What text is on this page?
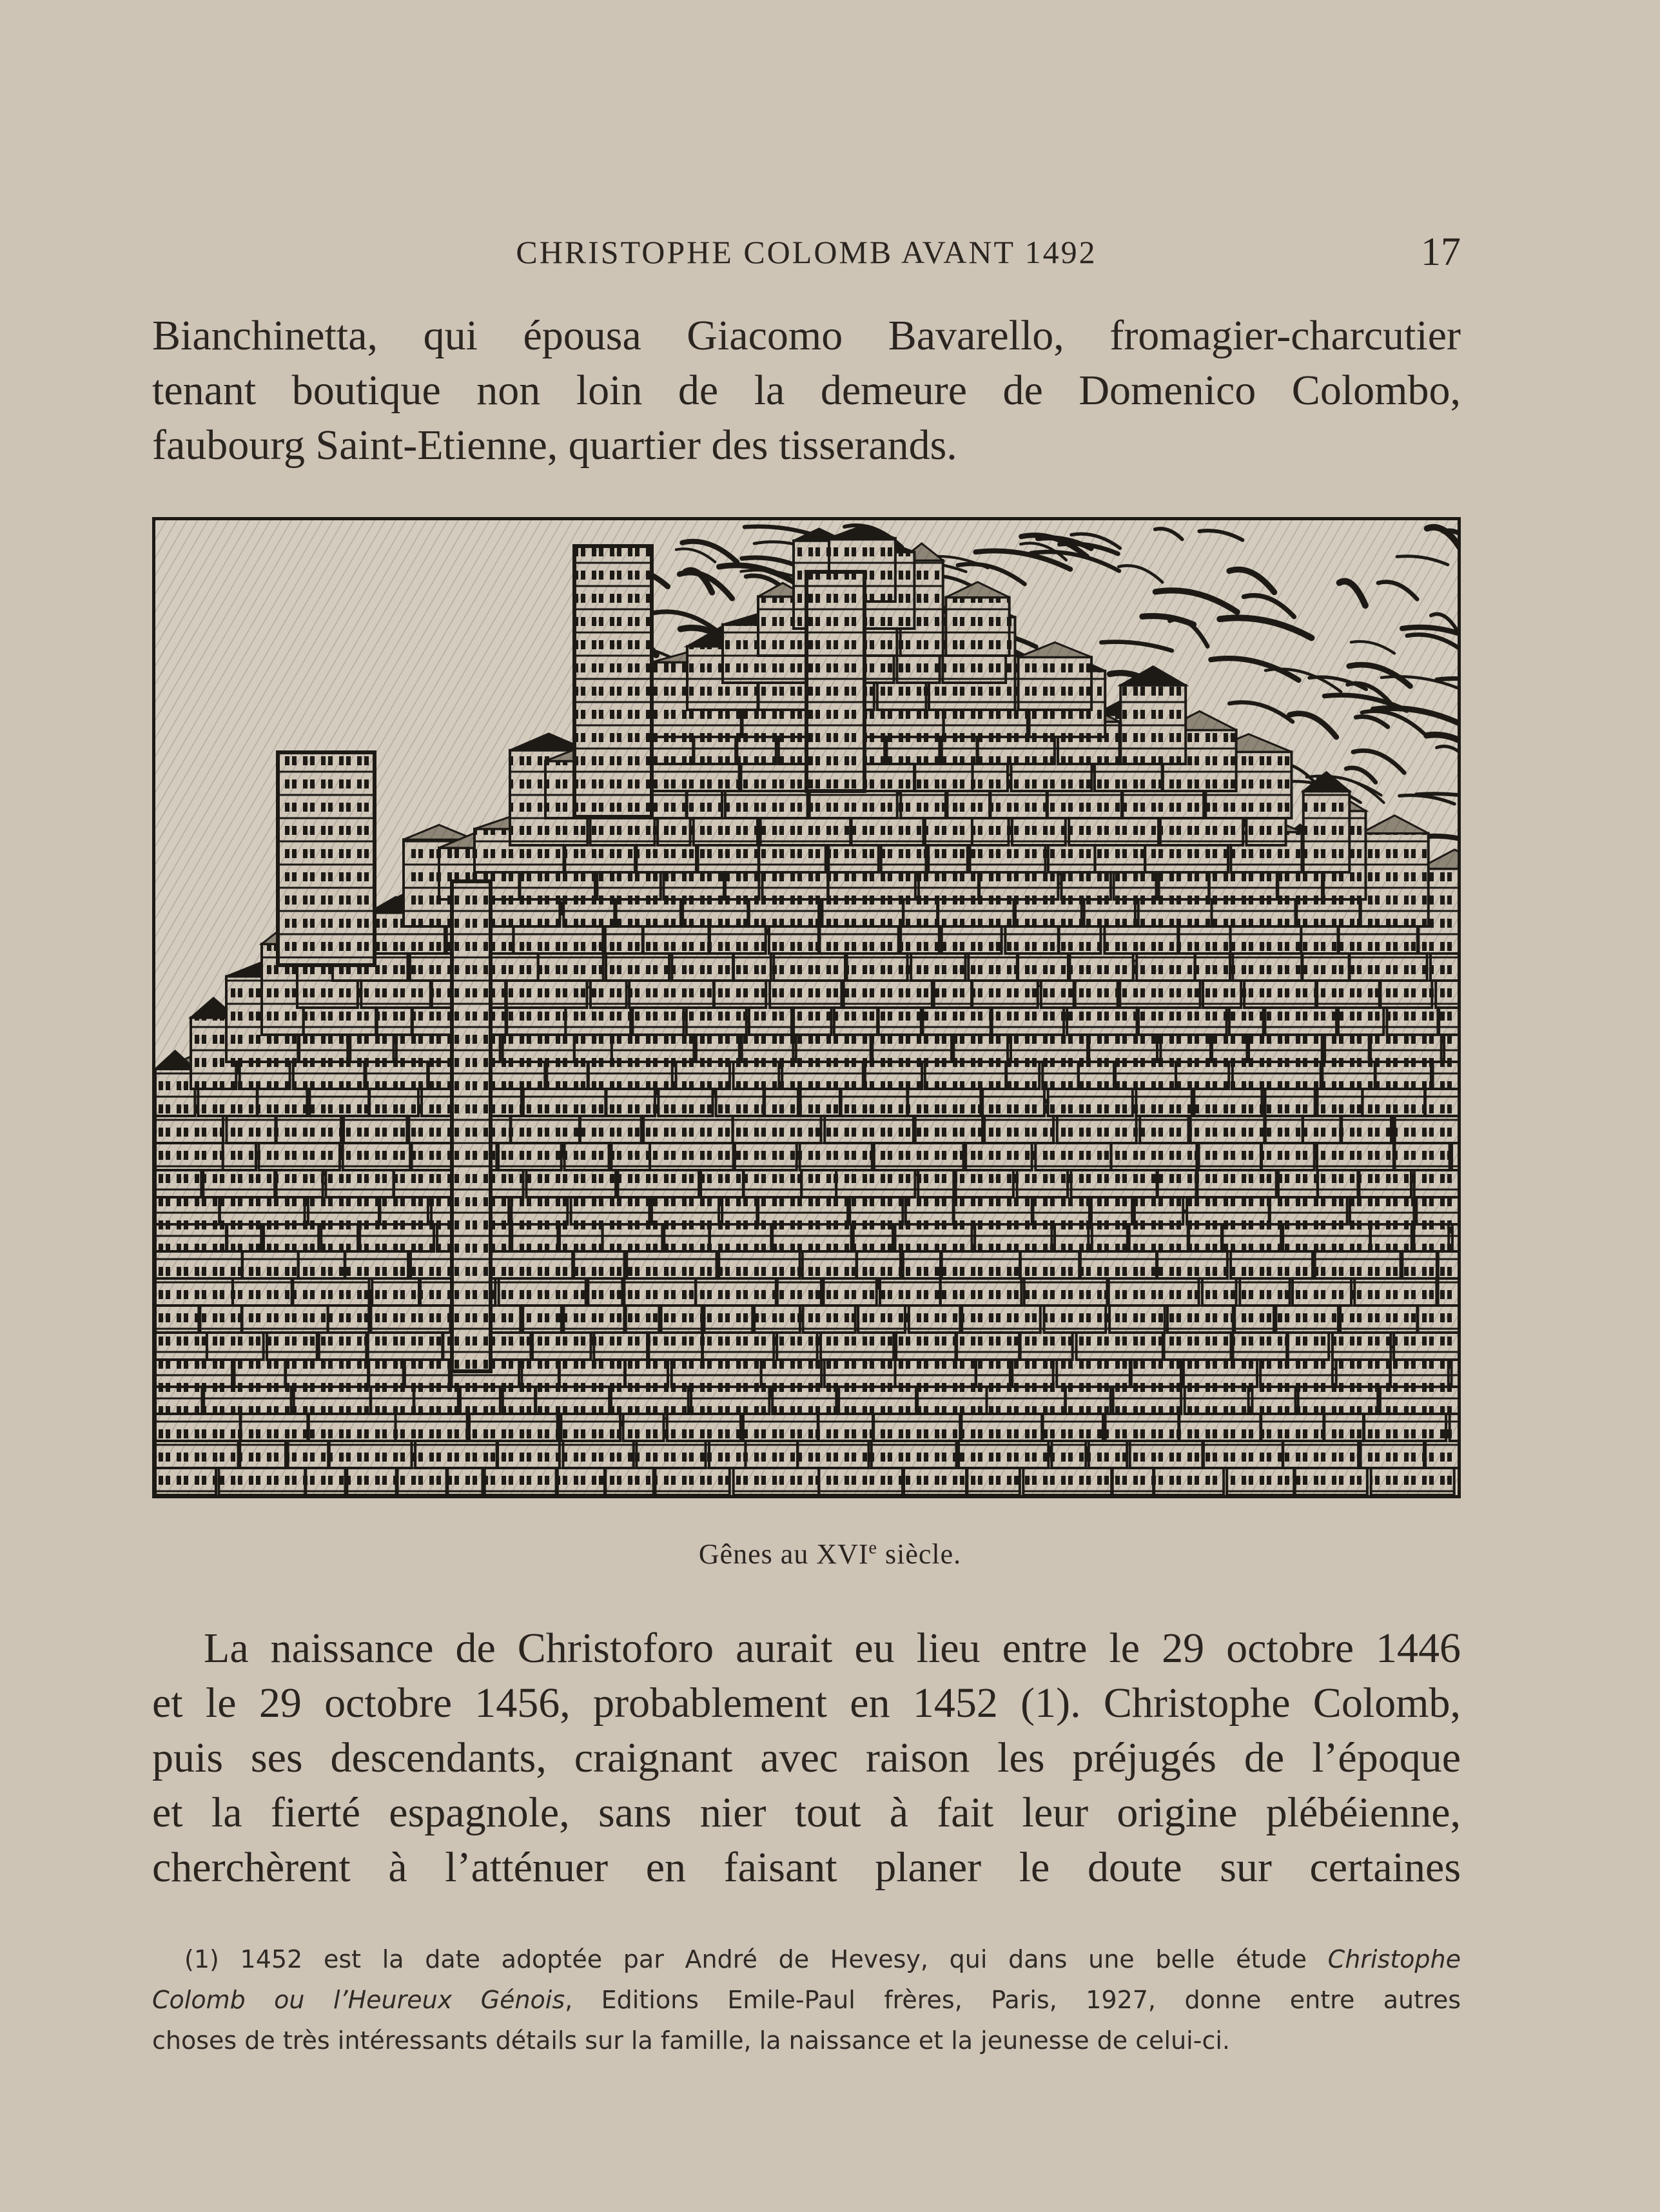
CHRISTOPHE COLOMB AVANT 1492	17
Bianchinetta, qui épousa Giacomo Bavarello, fromagier-charcutier
tenant boutique non loin de la demeure de Domenico Colombo,
faubourg Saint-Etienne, quartier des tisserands.
Gênes au XVIe siècle.
La naissance de Christoforo aurait eu lieu entre le 29 octobre 1446
et le 29 octobre 1456, probablement en 1452 (1). Christophe Colomb,
puis ses descendants, craignant avec raison les préjugés de l’époque
et la fierté espagnole, sans nier tout à fait leur origine plébéienne,
cherchèrent à l’atténuer en faisant planer le doute sur certaines
(1) 1452 est la date adoptée par André de Hevesy, qui dans une belle étude Christophe
Colomb ou l’Heureux Génois, Editions Emile-Paul frères, Paris, 1927, donne entre autres
choses de très intéressants détails sur la famille, la naissance et la jeunesse de celui-ci.
